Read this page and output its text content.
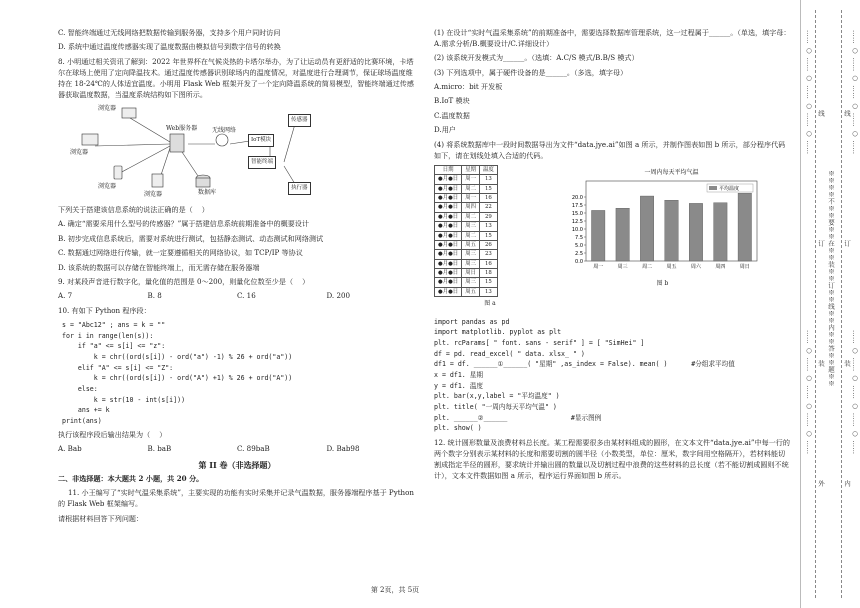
C. 智能终端通过无线网络把数据传输到服务器，支持多个用户同时访问

D. 系统中通过温度传感器实现了温度数据由模拟信号到数字信号的转换

8. 小明通过相关资讯了解到：2022 年世界杯在气候炎热的卡塔尔举办，为了让运动员有更舒适的比赛环境，卡塔尔在球场上使用了定向降温技术。通过温度传感器识别球场内的温度情况，对温度进行合理调节，保证球场温度维持在 18-24℃的人体适宜温度。小明用 Flask Web 框架开发了一个定向降温系统的简易模型，智能终端通过传感器获取温度数据，当温度系统结构如下图所示。

浏览器
浏览器
浏览器
浏览器
Web服务器 无线网络
IoT模块
智能终端
数据库
传感器
执行器

下列关于搭建该信息系统的说法正确的是（    ）

A. 确定“需要采用什么型号的传感器？”属于搭建信息系统前期准备中的概要设计

B. 初步完成信息系统后，需要对系统进行测试，包括静态测试、动态测试和网络测试

C. 数据通过网络进行传输，就一定要遵循相关的网络协议，如 TCP/IP 等协议

D. 该系统的数据可以存储在智能终端上，而无需存储在服务器端

9. 对某段声音进行数字化，量化值的范围是 0～200，则量化位数至少是（    ）

A. 7	B. 8	C. 16	D. 200

10. 有如下 Python 程序段：

s = "Abc12" ; ans = k = ""

for i in range(len(s)):

if "a" <= s[i] <= "z":

k = chr((ord(s[i]) - ord("a") -1) % 26 + ord("a"))

elif "A" <= s[i] <= "Z":

k = chr((ord(s[i]) - ord("A") +1) % 26 + ord("A"))

else:

k = str(10 - int(s[i]))

ans += k

print(ans)

执行该程序段后输出结果为（    ）

A. Bab	B. baB	C. 89baB	D. Bab98
第 II 卷（非选择题）

二、非选择题：本大题共 2 小题，共 20 分。

11. 小王编写了“实时气温采集系统”，主要实现的功能有实时采集并记录气温数据，服务器端程序基于 Python 的 Flask Web 框架编写。

请根据材料回答下列问题：

(1) 在设计“实时气温采集系统”的前期准备中，需要选择数据库管理系统，这一过程属于______。（单选，填字母：A.需求分析/B.概要设计/C.详细设计）

(2) 该系统开发模式为______。（选填：A.C/S 模式/B.B/S 模式）

(3) 下列选项中，属于硬件设备的是______。（多选，填字母）

A.micro：bit 开发板

B.IoT 模块

C.温度数据

D.用户

(4) 将系统数据库中一段时间数据导出为文件“data.jye.ai”如图 a 所示，并制作图表如图 b 所示，部分程序代码如下，请在划线处填入合适的代码。

日期	星期	温度
●月●日	周一	13
●月●日	周二	15
●月●日	周一	16
●月●日	周四	22
●月●日	周二	29
●月●日	周三	13
●月●日	周二	15
●月●日	周五	26
●月●日	周三	23
●月●日	周三	16
●月●日	周日	18
●月●日	周三	15
●月●日	周五	13
图 a
一周内每天平均气温
0.0
2.5
5.0
7.5
10.0
12.5
15.0
17.5
20.0
周一	周三	周二	周五	周六	周四	周日
平均温度
图 b

import pandas as pd

import matplotlib. pyplot as plt

plt. rcParams[ " font. sans - serif" ] = [ "SimHei" ]

df = pd. read_excel( " data. xlsx_ " )

df1 = df. ______①______( "星期" ,as_index = False). mean( )      #分组求平均值

x = df1. 星期

y = df1. 温度

plt. bar(x,y,label = "平均温度" )

plt. title( "一周内每天平均气温" )

plt. ______②______                #显示图例

plt. show( )

12. 统计圆形数量及浪费材料总长度。某工程需要很多由某材料组成的圆形，在文本文件“data.jye.ai”中每一行的两个数字分别表示某材料的长度和需要切割的圆半径（小数类型，单位：厘米，数字间用空格隔开），若材料能切割成指定半径的圆形，要求统计并输出圆的数量以及切割过程中浪费的这些材料的总长度（若不能切割成圆则不统计），文本文件数据如图 a 所示，程序运行界面如图 b 所示。

第 2页，共 5页
…… ○ …… ○ …… ○ …… ○ ……
…… ○ …… ○ …… ○ …… ○ ……
线
订
装
外
※※※※不※※要※※在※※装※※订※※线※※内※※答※※题※※
线
订
装
内
…… ○ …… ○ …… ○ …… ○ ……
…… ○ …… ○ …… ○ …… ○ ……
